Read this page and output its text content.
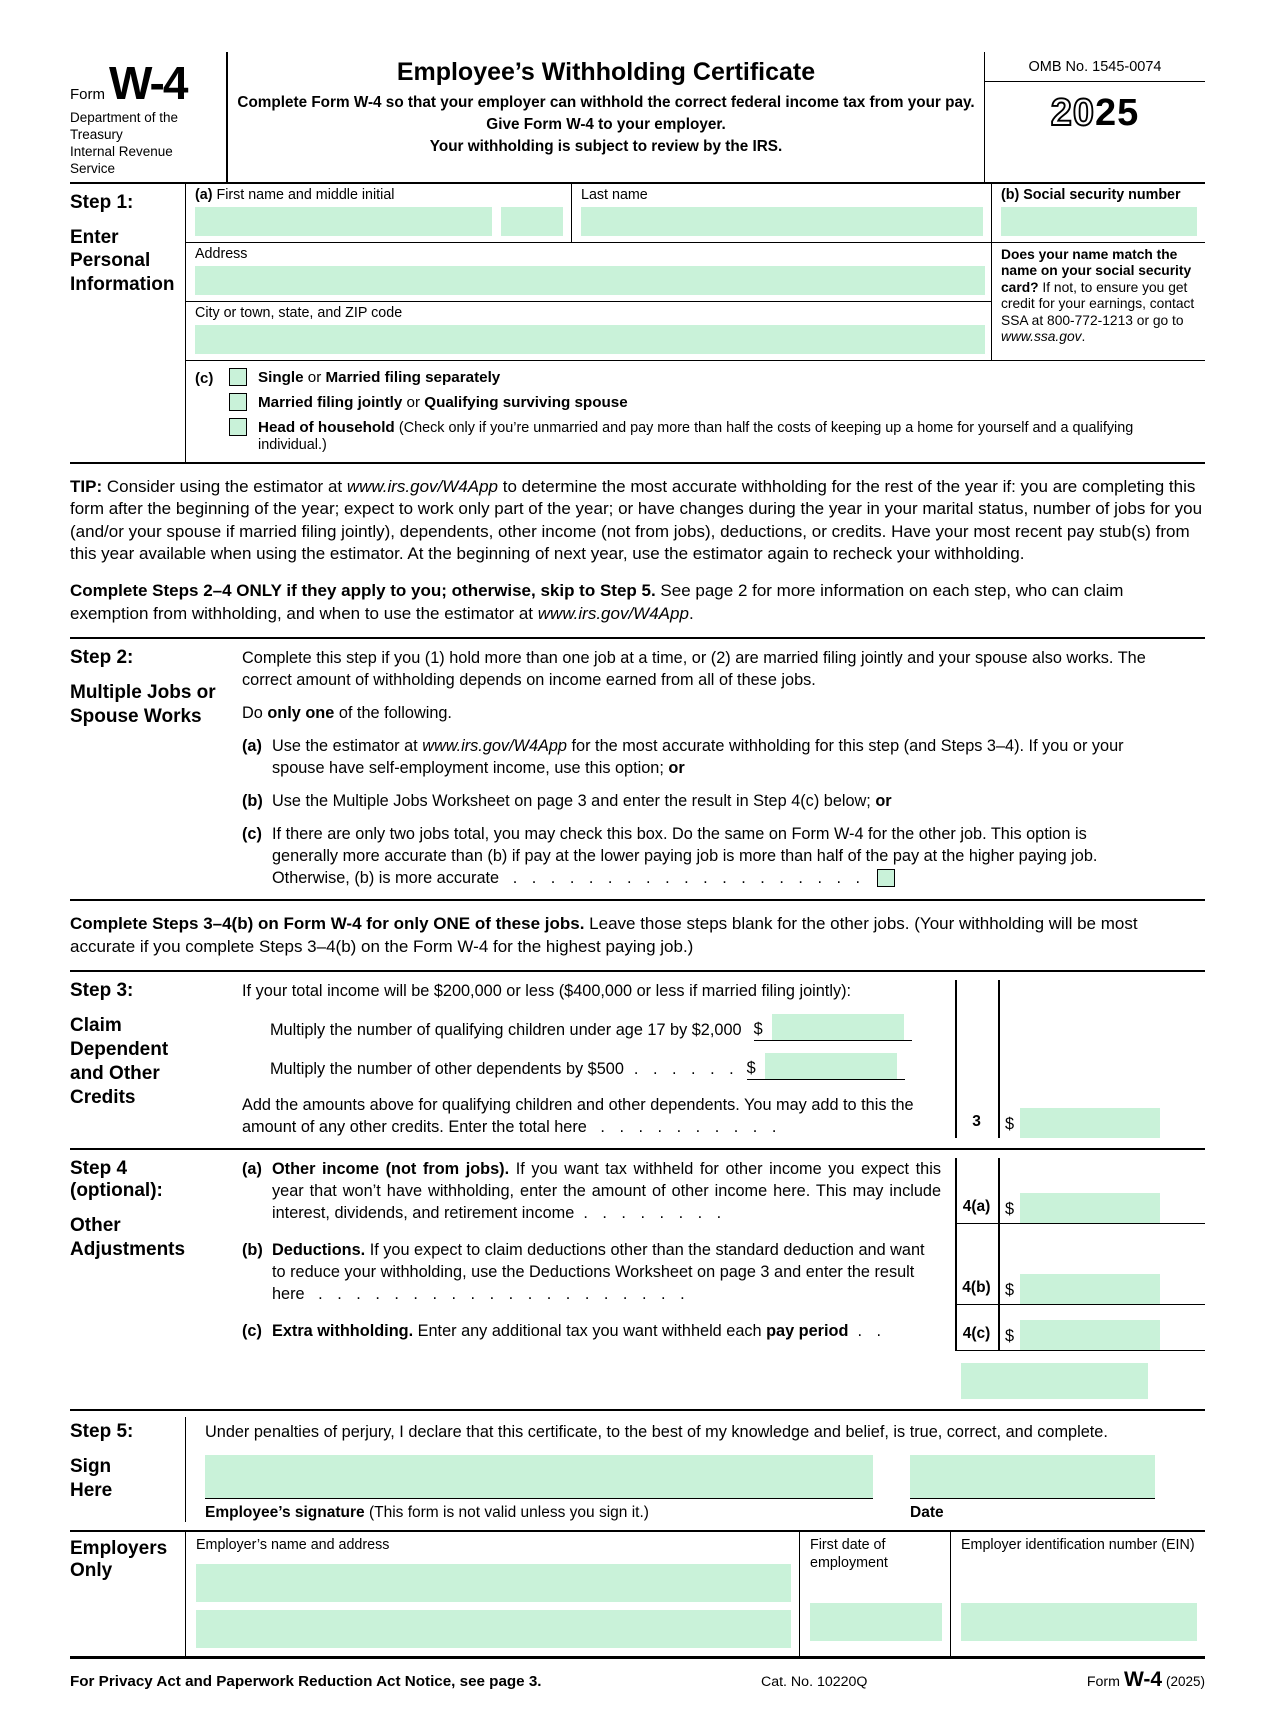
FormW-4
Department of the Treasury
Internal Revenue Service
Employee’s Withholding Certificate

Complete Form W-4 so that your employer can withhold the correct federal income tax from your pay.

Give Form W-4 to your employer.

Your withholding is subject to review by the IRS.

OMB No. 1545-0074
2025
Step 1:
Enter Personal Information
(a) First name and middle initial	Last name	(b) Social security number
Address	Does your name match the name on your social security card? If not, to ensure you get credit for your earnings, contact SSA at 800-772-1213 or go to www.ssa.gov.
City or town, state, and ZIP code
(c)	Single or Married filing separately
Married filing jointly or Qualifying surviving spouse
Head of household (Check only if you’re unmarried and pay more than half the costs of keeping up a home for yourself and a qualifying individual.)

TIP: Consider using the estimator at www.irs.gov/W4App to determine the most accurate withholding for the rest of the year if: you are completing this form after the beginning of the year; expect to work only part of the year; or have changes during the year in your marital status, number of jobs for you (and/or your spouse if married filing jointly), dependents, other income (not from jobs), deductions, or credits. Have your most recent pay stub(s) from this year available when using the estimator. At the beginning of next year, use the estimator again to recheck your withholding.

Complete Steps 2–4 ONLY if they apply to you; otherwise, skip to Step 5. See page 2 for more information on each step, who can claim exemption from withholding, and when to use the estimator at www.irs.gov/W4App.

Step 2:
Multiple Jobs or Spouse Works

Complete this step if you (1) hold more than one job at a time, or (2) are married filing jointly and your spouse also works. The correct amount of withholding depends on income earned from all of these jobs.

Do only one of the following.

(a) Use the estimator at www.irs.gov/W4App for the most accurate withholding for this step (and Steps 3–4). If you or your spouse have self-employment income, use this option; or
(b) Use the Multiple Jobs Worksheet on page 3 and enter the result in Step 4(c) below; or
(c) If there are only two jobs total, you may check this box. Do the same on Form W-4 for the other job. This option is generally more accurate than (b) if pay at the lower paying job is more than half of the pay at the higher paying job. Otherwise, (b) is more accurate . . . . . . . . . . . . . . . . . . .

Complete Steps 3–4(b) on Form W-4 for only ONE of these jobs. Leave those steps blank for the other jobs. (Your withholding will be most accurate if you complete Steps 3–4(b) on the Form W-4 for the highest paying job.)

Step 3:
Claim Dependent and Other Credits

If your total income will be $200,000 or less ($400,000 or less if married filing jointly):

Multiply the number of qualifying children under age 17 by $2,000 $
Multiply the number of other dependents by $500 . . . . . . $
Add the amounts above for qualifying children and other dependents. You may add to this the amount of any other credits. Enter the total here . . . . . . . . . .	3	$
Step 4 (optional):
Other Adjustments
(a) Other income (not from jobs). If you want tax withheld for other income you expect this year that won’t have withholding, enter the amount of other income here. This may include interest, dividends, and retirement income . . . . . . . .	4(a) $
(b) Deductions. If you expect to claim deductions other than the standard deduction and want to reduce your withholding, use the Deductions Worksheet on page 3 and enter the result here . . . . . . . . . . . . . . . . . . . .	4(b) $
(c) Extra withholding. Enter any additional tax you want withheld each pay period . .	4(c) $
Step 5:
Sign Here

Under penalties of perjury, I declare that this certificate, to the best of my knowledge and belief, is true, correct, and complete.

Employee’s signature (This form is not valid unless you sign it.)	Date
Employers Only
Employer’s name and address	First date of employment
Employer identification number (EIN)
For Privacy Act and Paperwork Reduction Act Notice, see page 3.	Cat. No. 10220Q	Form W-4 (2025)
